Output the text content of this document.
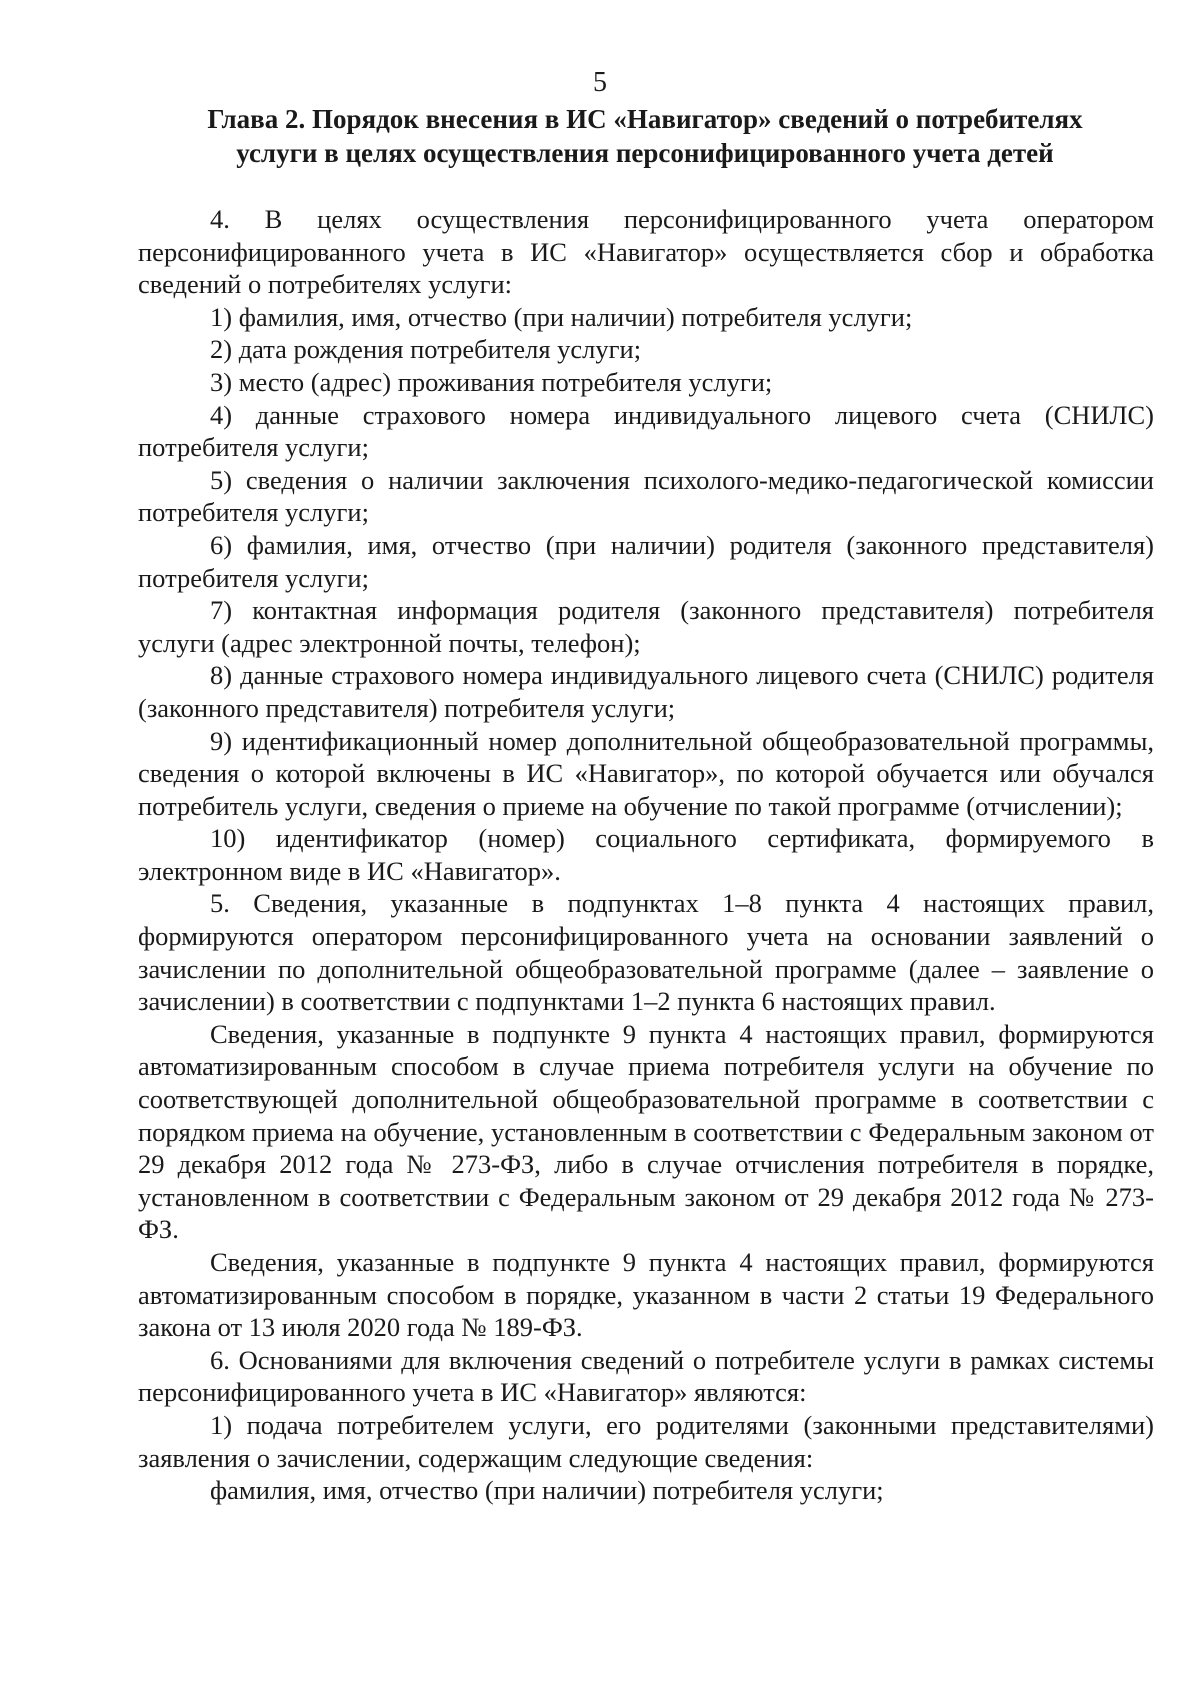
5
Глава 2. Порядок внесения в ИС «Навигатор» сведений о потребителях
услуги в целях осуществления персонифицированного учета детей

4. В целях осуществления персонифицированного учета оператором персонифицированного учета в ИС «Навигатор» осуществляется сбор и обработка сведений о потребителях услуги:

1) фамилия, имя, отчество (при наличии) потребителя услуги;

2) дата рождения потребителя услуги;

3) место (адрес) проживания потребителя услуги;

4) данные страхового номера индивидуального лицевого счета (СНИЛС) потребителя услуги;

5) сведения о наличии заключения психолого-медико-педагогической комиссии потребителя услуги;

6) фамилия, имя, отчество (при наличии) родителя (законного представителя) потребителя услуги;

7) контактная информация родителя (законного представителя) потребителя услуги (адрес электронной почты, телефон);

8) данные страхового номера индивидуального лицевого счета (СНИЛС) родителя (законного представителя) потребителя услуги;

9) идентификационный номер дополнительной общеобразовательной программы, сведения о которой включены в ИС «Навигатор», по которой обучается или обучался потребитель услуги, сведения о приеме на обучение по такой программе (отчислении);

10) идентификатор (номер) социального сертификата, формируемого в электронном виде в ИС «Навигатор».

5. Сведения, указанные в подпунктах 1–8 пункта 4 настоящих правил, формируются оператором персонифицированного учета на основании заявлений о зачислении по дополнительной общеобразовательной программе (далее – заявление о зачислении) в соответствии с подпунктами 1–2 пункта 6 настоящих правил.

Сведения, указанные в подпункте 9 пункта 4 настоящих правил, формируются автоматизированным способом в случае приема потребителя услуги на обучение по соответствующей дополнительной общеобразовательной программе в соответствии с порядком приема на обучение, установленным в соответствии с Федеральным законом от 29 декабря 2012 года № 273-ФЗ, либо в случае отчисления потребителя в порядке, установленном в соответствии с Федеральным законом от 29 декабря 2012 года № 273-ФЗ.

Сведения, указанные в подпункте 9 пункта 4 настоящих правил, формируются автоматизированным способом в порядке, указанном в части 2 статьи 19 Федерального закона от 13 июля 2020 года № 189-ФЗ.

6. Основаниями для включения сведений о потребителе услуги в рамках системы персонифицированного учета в ИС «Навигатор» являются:

1) подача потребителем услуги, его родителями (законными представителями) заявления о зачислении, содержащим следующие сведения:

фамилия, имя, отчество (при наличии) потребителя услуги;
